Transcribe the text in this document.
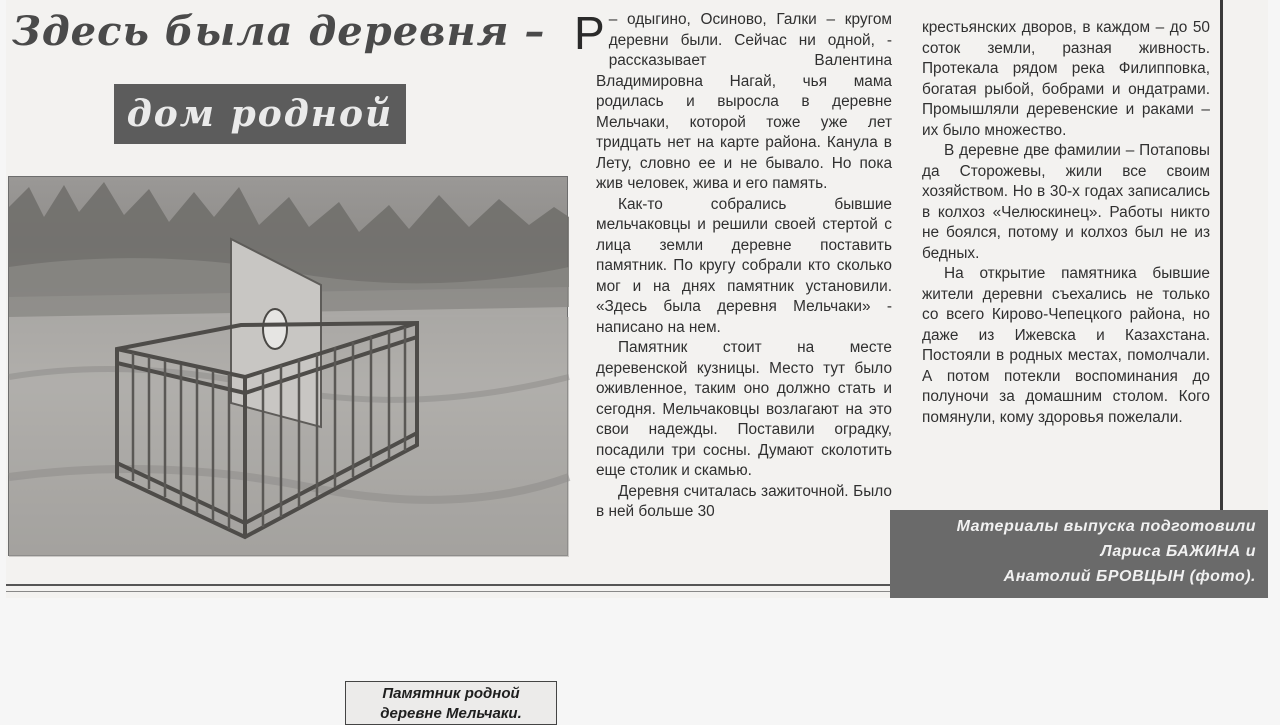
Здесь была деревня –
дом родной
Памятник родной
деревне Мельчаки.

–
Р одыгино, Осиново, Галки – кругом деревни были. Сейчас ни одной, - рассказывает Валентина Владимировна Нагай, чья мама родилась и выросла в деревне Мельчаки, которой тоже уже лет тридцать нет на карте района. Канула в Лету, словно ее и не бывало. Но пока жив человек, жива и его память.

Как-то собрались бывшие мельчаковцы и решили своей стертой с лица земли деревне поставить памятник. По кругу собрали кто сколько мог и на днях памятник установили. «Здесь была деревня Мельчаки» - написано на нем.

Памятник стоит на месте деревенской кузницы. Место тут было оживленное, таким оно должно стать и сегодня. Мельчаковцы возлагают на это свои надежды. Поставили оградку, посадили три сосны. Думают сколотить еще столик и скамью.

Деревня считалась зажиточной. Было в ней больше 30

крестьянских дворов, в каждом – до 50 соток земли, разная живность. Протекала рядом река Филипповка, богатая рыбой, бобрами и ондатрами. Промышляли деревенские и раками – их было множество.

В деревне две фамилии – Потаповы да Сторожевы, жили все своим хозяйством. Но в 30-х годах записались в колхоз «Челюскинец». Работы никто не боялся, потому и колхоз был не из бедных.

На открытие памятника бывшие жители деревни съехались не только со всего Кирово-Чепецкого района, но даже из Ижевска и Казахстана. Постояли в родных местах, помолчали. А потом потекли воспоминания до полуночи за домашним столом. Кого помянули, кому здоровья пожелали.

Материалы выпуска подготовили
Лариса БАЖИНА и
Анатолий БРОВЦЫН (фото).
